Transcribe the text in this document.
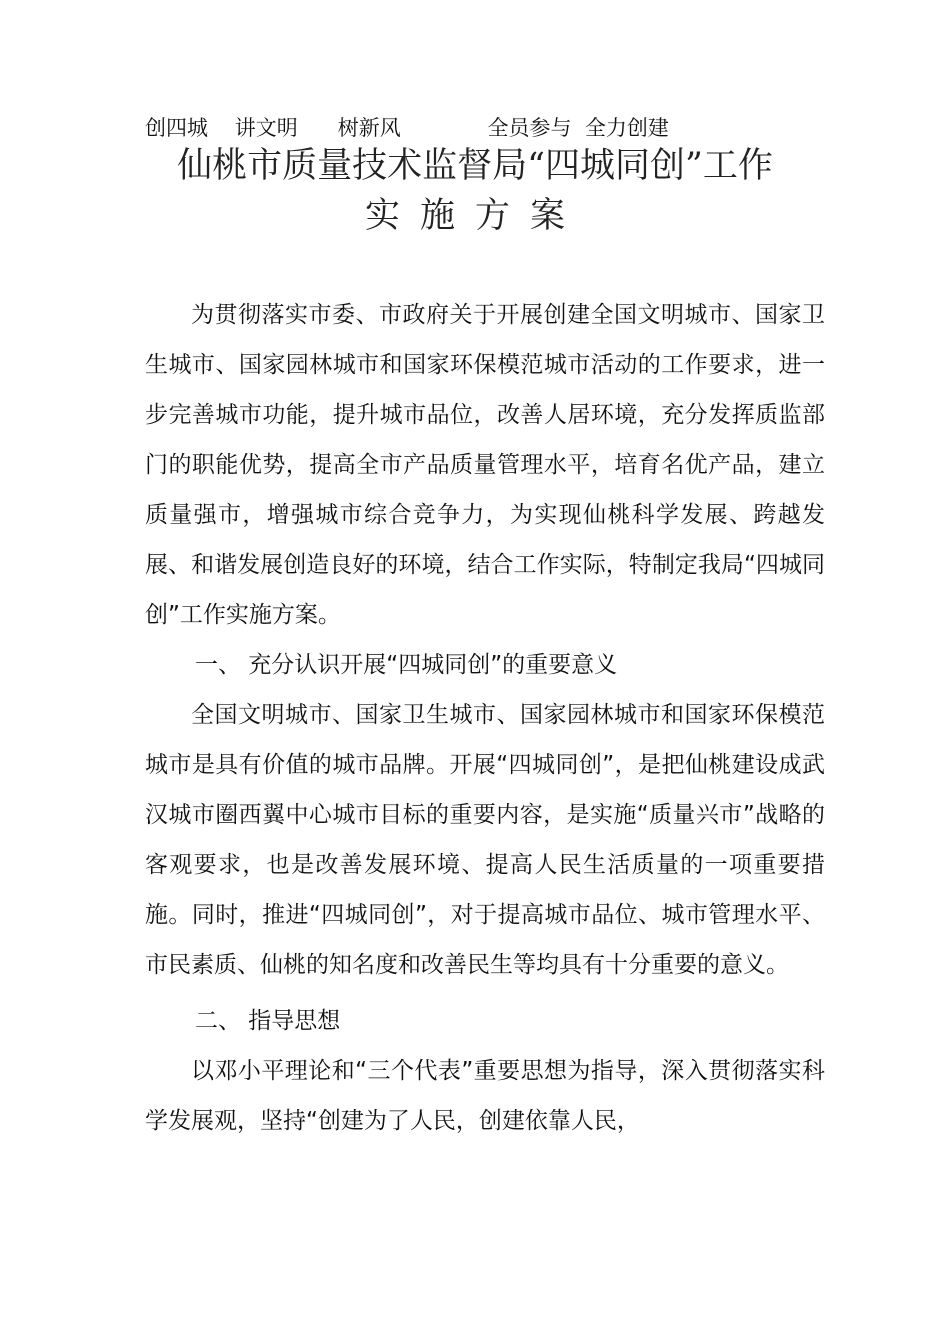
创四城 讲文明 树新风	全员参与 全力创建
仙桃市质量技术监督局“四城同创”工作
实施方案

为贯彻落实市委、市政府关于开展创建全国文明城市、国家卫生城市、国家园林城市和国家环保模范城市活动的工作要求，进一步完善城市功能，提升城市品位，改善人居环境，充分发挥质监部门的职能优势，提高全市产品质量管理水平，培育名优产品，建立质量强市，增强城市综合竞争力，为实现仙桃科学发展、跨越发展、和谐发展创造良好的环境，结合工作实际，特制定我局“四城同创”工作实施方案。

一、 充分认识开展“四城同创”的重要意义

全国文明城市、国家卫生城市、国家园林城市和国家环保模范城市是具有价值的城市品牌。开展“四城同创”，是把仙桃建设成武汉城市圈西翼中心城市目标的重要内容，是实施“质量兴市”战略的客观要求，也是改善发展环境、提高人民生活质量的一项重要措施。同时，推进“四城同创”，对于提高城市品位、城市管理水平、市民素质、仙桃的知名度和改善民生等均具有十分重要的意义。

二、 指导思想

以邓小平理论和“三个代表”重要思想为指导，深入贯彻落实科学发展观，坚持“创建为了人民，创建依靠人民，
